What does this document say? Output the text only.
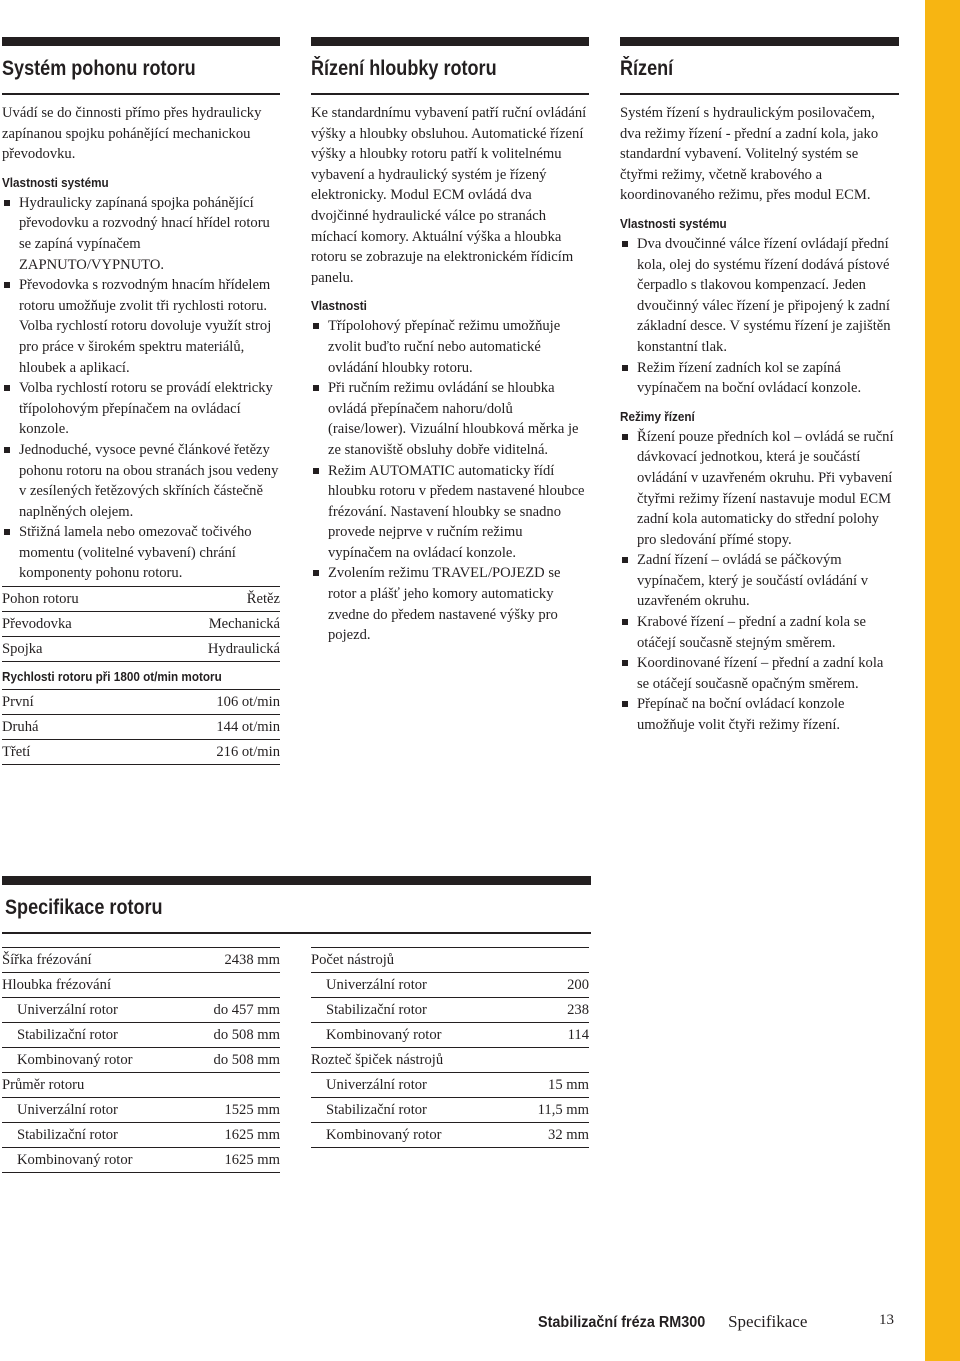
Systém pohonu rotoru

Uvádí se do činnosti přímo přes hydraulicky zapínanou spojku pohánějící mechanickou převodovku.

Vlastnosti systému
Hydraulicky zapínaná spojka pohánějící převodovku a rozvodný hnací hřídel rotoru se zapíná vypínačem ZAPNUTO/VYPNUTO.
Převodovka s rozvodným hnacím hřídelem rotoru umožňuje zvolit tři rychlosti rotoru. Volba rychlostí rotoru dovoluje využít stroj pro práce v širokém spektru materiálů, hloubek a aplikací.
Volba rychlostí rotoru se provádí elektricky třípolohovým přepínačem na ovládací konzole.
Jednoduché, vysoce pevné článkové řetězy pohonu rotoru na obou stranách jsou vedeny v zesílených řetězových skříních částečně naplněných olejem.
Střižná lamela nebo omezovač točivého momentu (volitelné vybavení) chrání komponenty pohonu rotoru.
Pohon rotoru	Řetěz
Převodovka	Mechanická
Spojka	Hydraulická
Rychlosti rotoru při 1800 ot/min motoru
První	106 ot/min
Druhá	144 ot/min
Třetí	216 ot/min
Řízení hloubky rotoru

Ke standardnímu vybavení patří ruční ovládání výšky a hloubky obsluhou. Automatické řízení výšky a hloubky rotoru patří k volitelnému vybavení a hydraulický systém je řízený elektronicky. Modul ECM ovládá dva dvojčinné hydraulické válce po stranách míchací komory. Aktuální výška a hloubka rotoru se zobrazuje na elektronickém řídicím panelu.

Vlastnosti
Třípolohový přepínač režimu umožňuje zvolit buďto ruční nebo automatické ovládání hloubky rotoru.
Při ručním režimu ovládání se hloubka ovládá přepínačem nahoru/dolů (raise/lower). Vizuální hloubková měrka je ze stanoviště obsluhy dobře viditelná.
Režim AUTOMATIC automaticky řídí hloubku rotoru v předem nastavené hloubce frézování. Nastavení hloubky se snadno provede nejprve v ručním režimu vypínačem na ovládací konzole.
Zvolením režimu TRAVEL/POJEZD se rotor a plášť jeho komory automaticky zvedne do předem nastavené výšky pro pojezd.
Řízení

Systém řízení s hydraulickým posilovačem, dva režimy řízení - přední a zadní kola, jako standardní vybavení. Volitelný systém se čtyřmi režimy, včetně krabového a koordinovaného režimu, přes modul ECM.

Vlastnosti systému
Dva dvoučinné válce řízení ovládají přední kola, olej do systému řízení dodává pístové čerpadlo s tlakovou kompenzací. Jeden dvoučinný válec řízení je připojený k zadní základní desce. V systému řízení je zajištěn konstantní tlak.
Režim řízení zadních kol se zapíná vypínačem na boční ovládací konzole.
Režimy řízení
Řízení pouze předních kol – ovládá se ruční dávkovací jednotkou, která je součástí ovládání v uzavřeném okruhu. Při vybavení čtyřmi režimy řízení nastavuje modul ECM zadní kola automaticky do střední polohy pro sledování přímé stopy.
Zadní řízení – ovládá se páčkovým vypínačem, který je součástí ovládání v uzavřeném okruhu.
Krabové řízení – přední a zadní kola se otáčejí současně stejným směrem.
Koordinované řízení – přední a zadní kola se otáčejí současně opačným směrem.
Přepínač na boční ovládací konzole umožňuje volit čtyři režimy řízení.
Specifikace rotoru
Šířka frézování	2438 mm
Hloubka frézování	
Univerzální rotor	do 457 mm
Stabilizační rotor	do 508 mm
Kombinovaný rotor	do 508 mm
Průměr rotoru	
Univerzální rotor	1525 mm
Stabilizační rotor	1625 mm
Kombinovaný rotor	1625 mm
Počet nástrojů	
Univerzální rotor	200
Stabilizační rotor	238
Kombinovaný rotor	114
Rozteč špiček nástrojů	
Univerzální rotor	15 mm
Stabilizační rotor	11,5 mm
Kombinovaný rotor	32 mm
Stabilizační fréza RM300 Specifikace	13
